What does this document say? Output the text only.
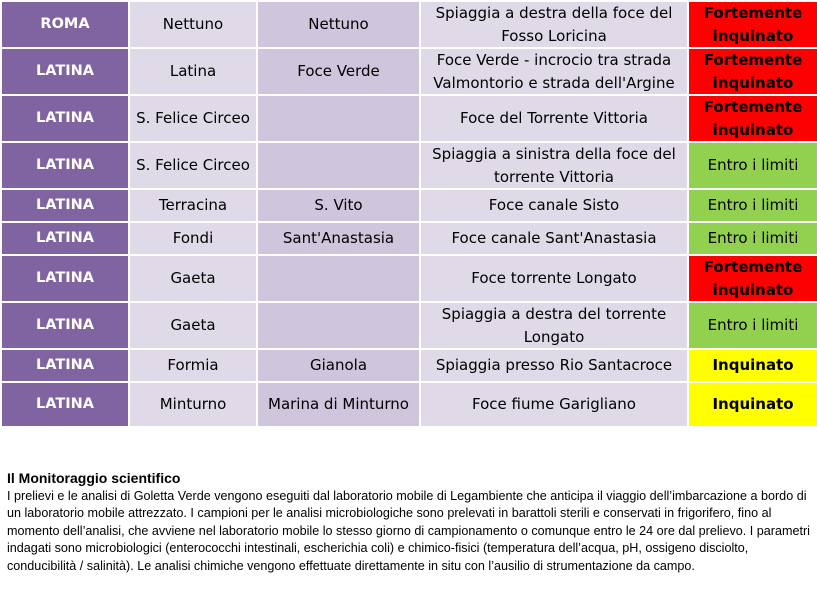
ROMA	Nettuno	Nettuno	Spiaggia a destra della foce del Fosso Loricina	Fortemente inquinato
LATINA	Latina	Foce Verde	Foce Verde - incrocio tra strada Valmontorio e strada dell'Argine	Fortemente inquinato
LATINA	S. Felice Circeo		Foce del Torrente Vittoria	Fortemente inquinato
LATINA	S. Felice Circeo		Spiaggia a sinistra della foce del torrente Vittoria	Entro i limiti
LATINA	Terracina	S. Vito	Foce canale Sisto	Entro i limiti
LATINA	Fondi	Sant'Anastasia	Foce canale Sant'Anastasia	Entro i limiti
LATINA	Gaeta		Foce torrente Longato	Fortemente inquinato
LATINA	Gaeta		Spiaggia a destra del torrente Longato	Entro i limiti
LATINA	Formia	Gianola	Spiaggia presso Rio Santacroce	Inquinato
LATINA	Minturno	Marina di Minturno	Foce fiume Garigliano	Inquinato
Il Monitoraggio scientifico

I prelievi e le analisi di Goletta Verde vengono eseguiti dal laboratorio mobile di Legambiente che anticipa il viaggio dell’imbarcazione a bordo di un laboratorio mobile attrezzato. I campioni per le analisi microbiologiche sono prelevati in barattoli sterili e conservati in frigorifero, fino al momento dell’analisi, che avviene nel laboratorio mobile lo stesso giorno di campionamento o comunque entro le 24 ore dal prelievo. I parametri indagati sono microbiologici (enterococchi intestinali, escherichia coli) e chimico-fisici (temperatura dell’acqua, pH, ossigeno disciolto, conducibilità / salinità). Le analisi chimiche vengono effettuate direttamente in situ con l’ausilio di strumentazione da campo.
